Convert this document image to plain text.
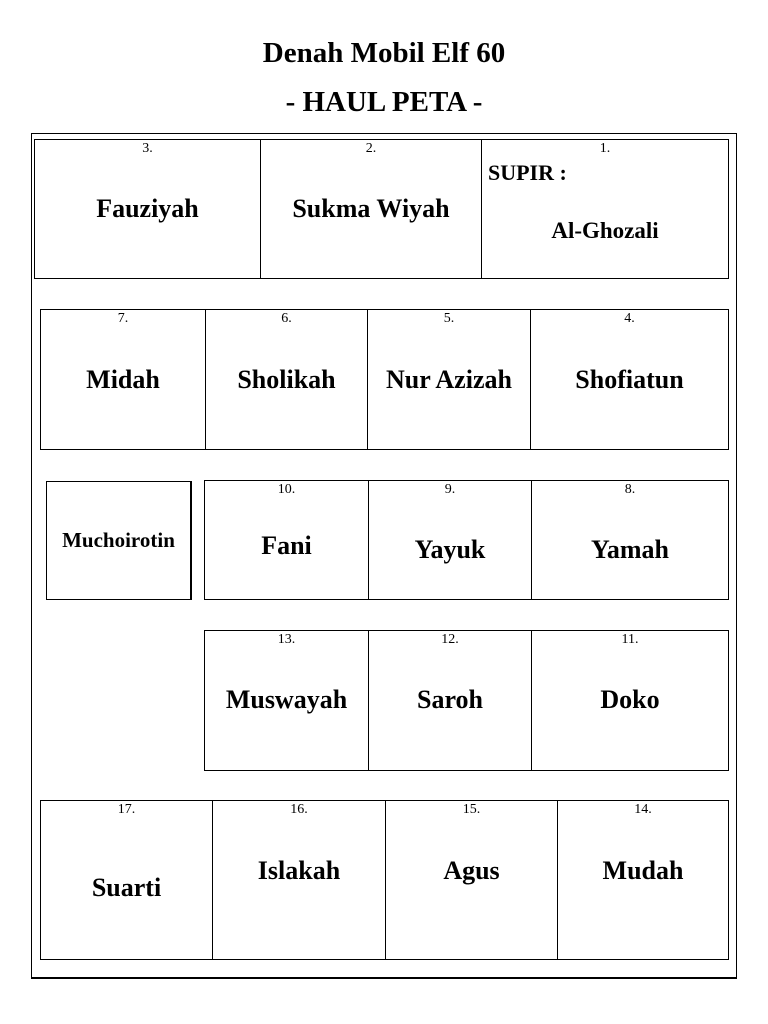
Denah Mobil Elf 60
- HAUL PETA -
3.
Fauziyah
2.
Sukma Wiyah
1.
SUPIR :
Al-Ghozali
7.
Midah
6.
Sholikah
5.
Nur Azizah
4.
Shofiatun
Muchoirotin
10.
Fani
9.
Yayuk
8.
Yamah
13.
Muswayah
12.
Saroh
11.
Doko
17.
Suarti
16.
Islakah
15.
Agus
14.
Mudah
